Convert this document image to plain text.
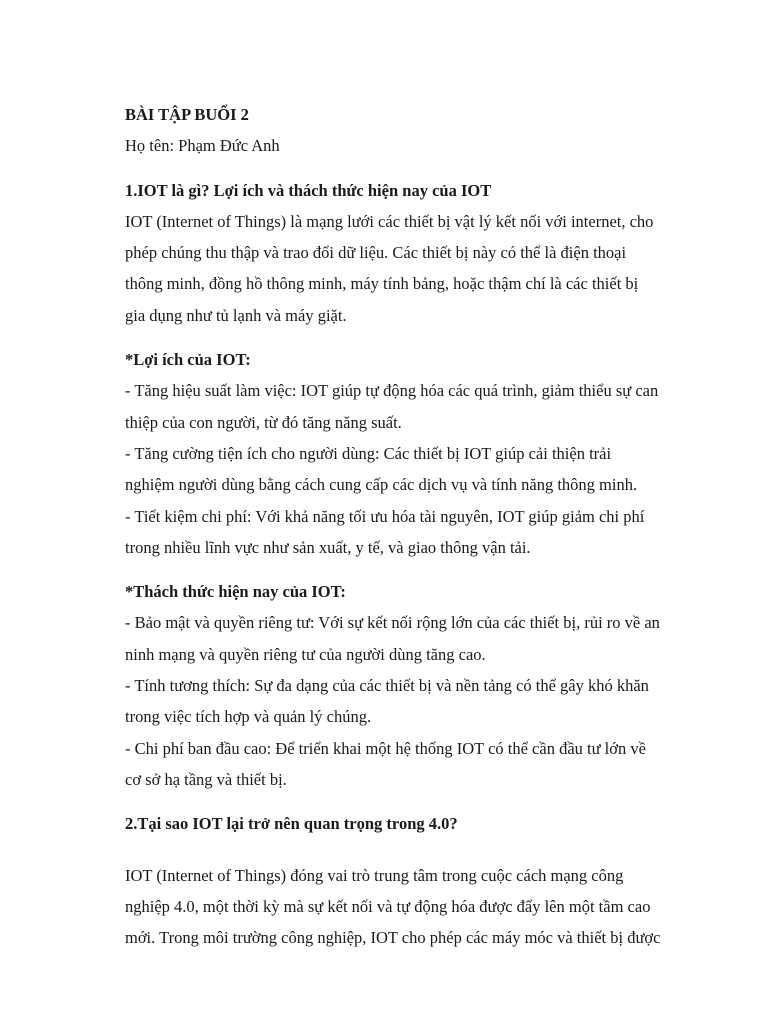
BÀI TẬP BUỔI 2
Họ tên: Phạm Đức Anh
1.IOT là gì? Lợi ích và thách thức hiện nay của IOT
IOT (Internet of Things) là mạng lưới các thiết bị vật lý kết nối với internet, cho
phép chúng thu thập và trao đổi dữ liệu. Các thiết bị này có thể là điện thoại
thông minh, đồng hồ thông minh, máy tính bảng, hoặc thậm chí là các thiết bị
gia dụng như tủ lạnh và máy giặt.
*Lợi ích của IOT:
- Tăng hiệu suất làm việc: IOT giúp tự động hóa các quá trình, giảm thiểu sự can
thiệp của con người, từ đó tăng năng suất.
- Tăng cường tiện ích cho người dùng: Các thiết bị IOT giúp cải thiện trải
nghiệm người dùng bằng cách cung cấp các dịch vụ và tính năng thông minh.
- Tiết kiệm chi phí: Với khả năng tối ưu hóa tài nguyên, IOT giúp giảm chi phí
trong nhiều lĩnh vực như sản xuất, y tế, và giao thông vận tải.
*Thách thức hiện nay của IOT:
- Bảo mật và quyền riêng tư: Với sự kết nối rộng lớn của các thiết bị, rủi ro về an
ninh mạng và quyền riêng tư của người dùng tăng cao.
- Tính tương thích: Sự đa dạng của các thiết bị và nền tảng có thể gây khó khăn
trong việc tích hợp và quản lý chúng.
- Chi phí ban đầu cao: Để triển khai một hệ thống IOT có thể cần đầu tư lớn về
cơ sở hạ tầng và thiết bị.
2.Tại sao IOT lại trở nên quan trọng trong 4.0?
IOT (Internet of Things) đóng vai trò trung tâm trong cuộc cách mạng công
nghiệp 4.0, một thời kỳ mà sự kết nối và tự động hóa được đẩy lên một tầm cao
mới. Trong môi trường công nghiệp, IOT cho phép các máy móc và thiết bị được
